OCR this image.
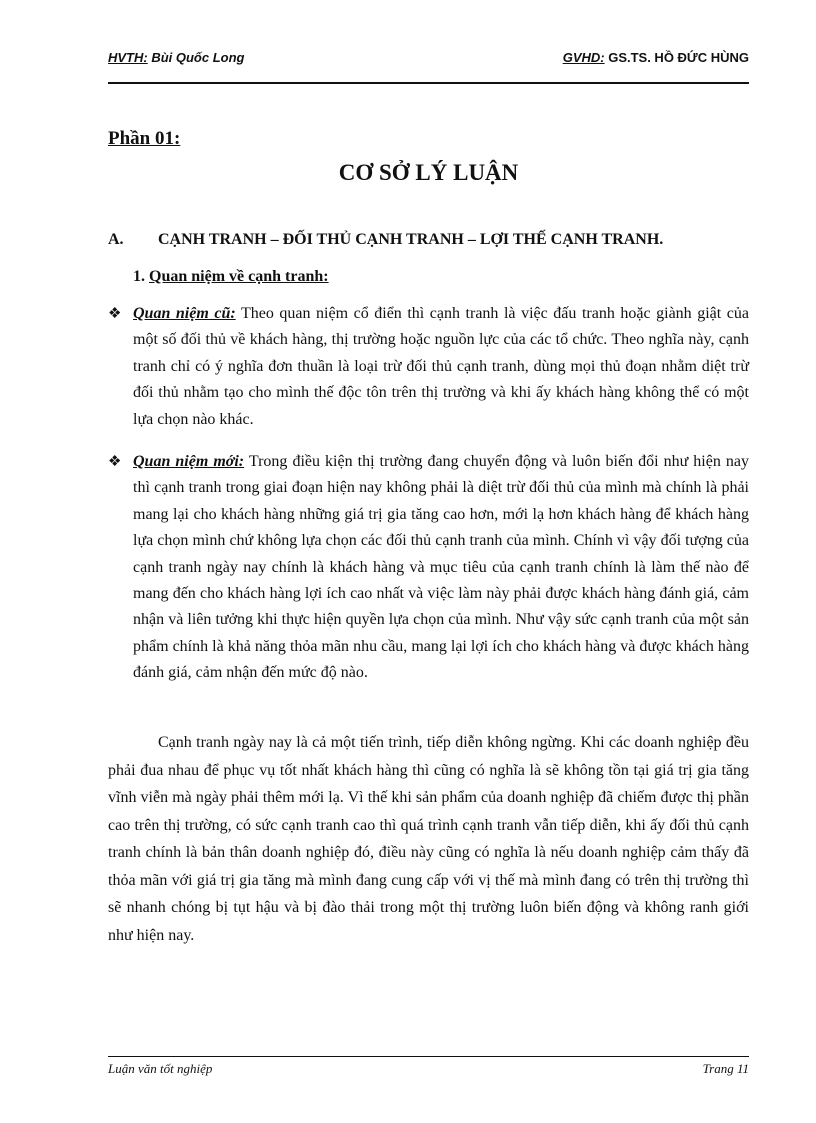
HVTH: Bùi Quốc Long	GVHD: GS.TS. HỒ ĐỨC HÙNG
Phần 01:
CƠ SỞ LÝ LUẬN
A. CẠNH TRANH – ĐỐI THỦ CẠNH TRANH – LỢI THẾ CẠNH TRANH.
1. Quan niệm về cạnh tranh:
❖ Quan niệm cũ: Theo quan niệm cổ điển thì cạnh tranh là việc đấu tranh hoặc giành giật của một số đối thủ về khách hàng, thị trường hoặc nguồn lực của các tổ chức. Theo nghĩa này, cạnh tranh chỉ có ý nghĩa đơn thuần là loại trừ đối thủ cạnh tranh, dùng mọi thủ đoạn nhằm diệt trừ đối thủ nhằm tạo cho mình thế độc tôn trên thị trường và khi ấy khách hàng không thể có một lựa chọn nào khác.
❖ Quan niệm mới: Trong điều kiện thị trường đang chuyển động và luôn biến đổi như hiện nay thì cạnh tranh trong giai đoạn hiện nay không phải là diệt trừ đối thủ của mình mà chính là phải mang lại cho khách hàng những giá trị gia tăng cao hơn, mới lạ hơn khách hàng để khách hàng lựa chọn mình chứ không lựa chọn các đối thủ cạnh tranh của mình. Chính vì vậy đối tượng của cạnh tranh ngày nay chính là khách hàng và mục tiêu của cạnh tranh chính là làm thế nào để mang đến cho khách hàng lợi ích cao nhất và việc làm này phải được khách hàng đánh giá, cảm nhận và liên tưởng khi thực hiện quyền lựa chọn của mình. Như vậy sức cạnh tranh của một sản phẩm chính là khả năng thỏa mãn nhu cầu, mang lại lợi ích cho khách hàng và được khách hàng đánh giá, cảm nhận đến mức độ nào.
Cạnh tranh ngày nay là cả một tiến trình, tiếp diễn không ngừng. Khi các doanh nghiệp đều phải đua nhau để phục vụ tốt nhất khách hàng thì cũng có nghĩa là sẽ không tồn tại giá trị gia tăng vĩnh viễn mà ngày phải thêm mới lạ. Vì thế khi sản phẩm của doanh nghiệp đã chiếm được thị phần cao trên thị trường, có sức cạnh tranh cao thì quá trình cạnh tranh vẫn tiếp diễn, khi ấy đối thủ cạnh tranh chính là bản thân doanh nghiệp đó, điều này cũng có nghĩa là nếu doanh nghiệp cảm thấy đã thỏa mãn với giá trị gia tăng mà mình đang cung cấp với vị thế mà mình đang có trên thị trường thì sẽ nhanh chóng bị tụt hậu và bị đào thải trong một thị trường luôn biến động và không ranh giới như hiện nay.
Luận văn tốt nghiệp	Trang 11
